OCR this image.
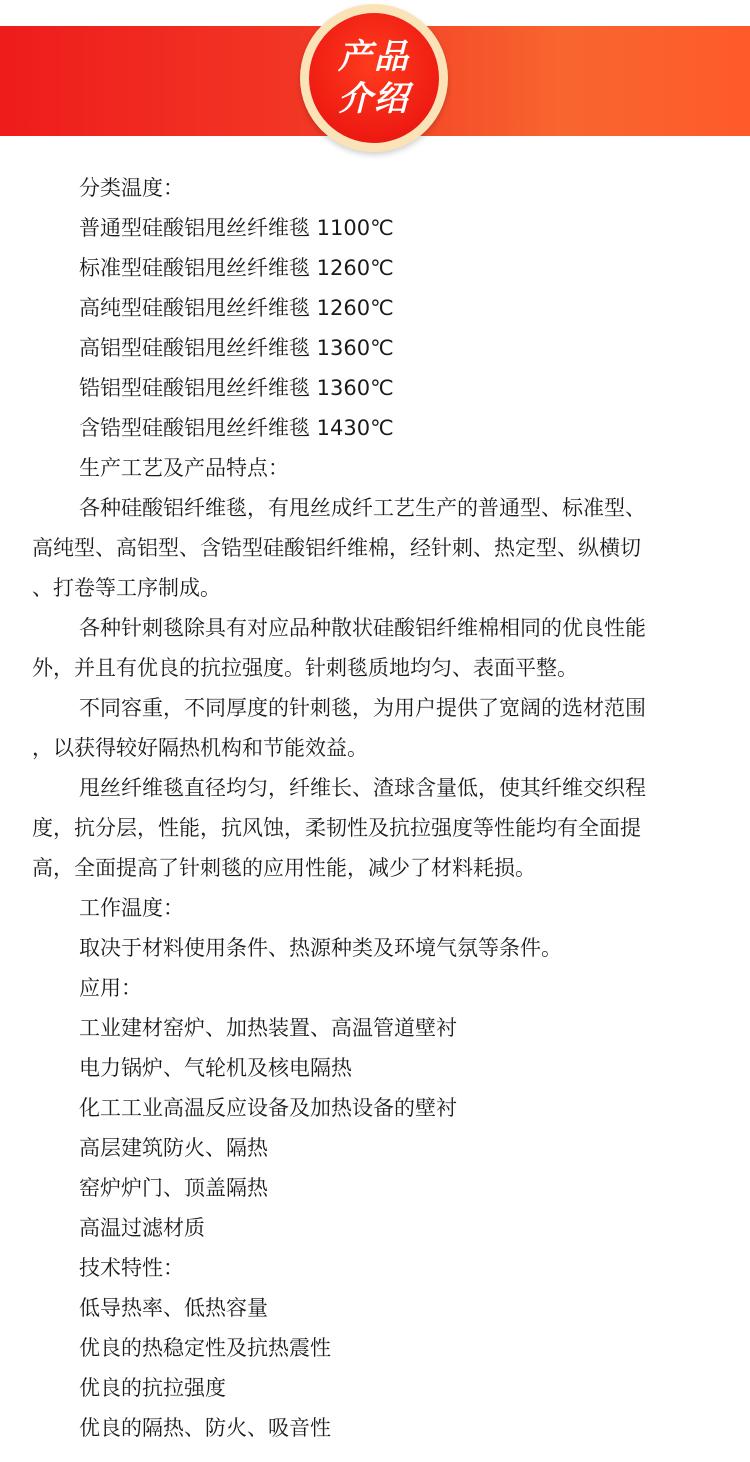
产品
介绍
分类温度：
普通型硅酸铝甩丝纤维毯 1100℃
标准型硅酸铝甩丝纤维毯 1260℃
高纯型硅酸铝甩丝纤维毯 1260℃
高铝型硅酸铝甩丝纤维毯 1360℃
锆铝型硅酸铝甩丝纤维毯 1360℃
含锆型硅酸铝甩丝纤维毯 1430℃
生产工艺及产品特点：
各种硅酸铝纤维毯，有甩丝成纤工艺生产的普通型、标准型、
高纯型、高铝型、含锆型硅酸铝纤维棉，经针刺、热定型、纵横切
、打卷等工序制成。
各种针刺毯除具有对应品种散状硅酸铝纤维棉相同的优良性能
外，并且有优良的抗拉强度。针刺毯质地均匀、表面平整。
不同容重，不同厚度的针刺毯，为用户提供了宽阔的选材范围
，以获得较好隔热机构和节能效益。
甩丝纤维毯直径均匀，纤维长、渣球含量低，使其纤维交织程
度，抗分层，性能，抗风蚀，柔韧性及抗拉强度等性能均有全面提
高，全面提高了针刺毯的应用性能，减少了材料耗损。
工作温度：
取决于材料使用条件、热源种类及环境气氛等条件。
应用：
工业建材窑炉、加热装置、高温管道壁衬
电力锅炉、气轮机及核电隔热
化工工业高温反应设备及加热设备的壁衬
高层建筑防火、隔热
窑炉炉门、顶盖隔热
高温过滤材质
技术特性：
低导热率、低热容量
优良的热稳定性及抗热震性
优良的抗拉强度
优良的隔热、防火、吸音性
